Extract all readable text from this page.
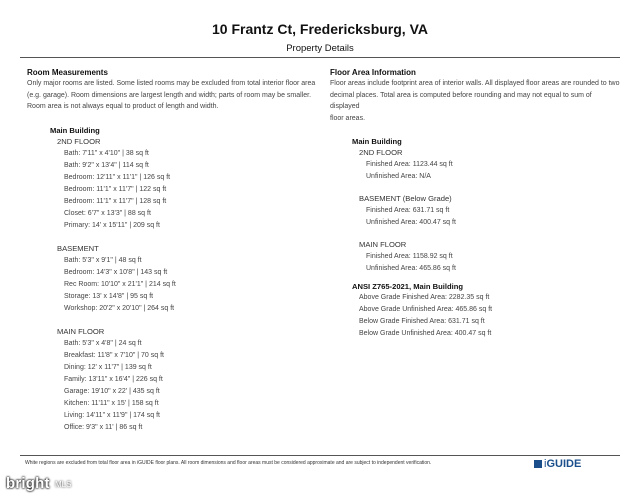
10 Frantz Ct, Fredericksburg, VA
Property Details
Room Measurements
Only major rooms are listed. Some listed rooms may be excluded from total interior floor area
(e.g. garage). Room dimensions are largest length and width; parts of room may be smaller.
Room area is not always equal to product of length and width.
Main Building
2ND FLOOR
Bath: 7'11" x 4'10" | 38 sq ft
Bath: 9'2" x 13'4" | 114 sq ft
Bedroom: 12'11" x 11'1" | 126 sq ft
Bedroom: 11'1" x 11'7" | 122 sq ft
Bedroom: 11'1" x 11'7" | 128 sq ft
Closet: 6'7" x 13'3" | 88 sq ft
Primary: 14' x 15'11" | 209 sq ft
BASEMENT
Bath: 5'3" x 9'1" | 48 sq ft
Bedroom: 14'3" x 10'8" | 143 sq ft
Rec Room: 10'10" x 21'1" | 214 sq ft
Storage: 13' x 14'8" | 95 sq ft
Workshop: 20'2" x 20'10" | 264 sq ft
MAIN FLOOR
Bath: 5'3" x 4'8" | 24 sq ft
Breakfast: 11'8" x 7'10" | 70 sq ft
Dining: 12' x 11'7" | 139 sq ft
Family: 13'11" x 16'4" | 226 sq ft
Garage: 19'10" x 22' | 435 sq ft
Kitchen: 11'11" x 15' | 158 sq ft
Living: 14'11" x 11'9" | 174 sq ft
Office: 9'3" x 11' | 86 sq ft
Floor Area Information
Floor areas include footprint area of interior walls. All displayed floor areas are rounded to two
decimal places. Total area is computed before rounding and may not equal to sum of displayed
floor areas.
Main Building
2ND FLOOR
Finished Area: 1123.44 sq ft
Unfinished Area: N/A
BASEMENT (Below Grade)
Finished Area: 631.71 sq ft
Unfinished Area: 400.47 sq ft
MAIN FLOOR
Finished Area: 1158.92 sq ft
Unfinished Area: 465.86 sq ft
ANSI Z765-2021, Main Building
Above Grade Finished Area: 2282.35 sq ft
Above Grade Unfinished Area: 465.86 sq ft
Below Grade Finished Area: 631.71 sq ft
Below Grade Unfinished Area: 400.47 sq ft
White regions are excluded from total floor area in iGUIDE floor plans. All room dimensions and floor areas must be considered approximate and are subject to independent verification.	i GUIDE
bright MLS
